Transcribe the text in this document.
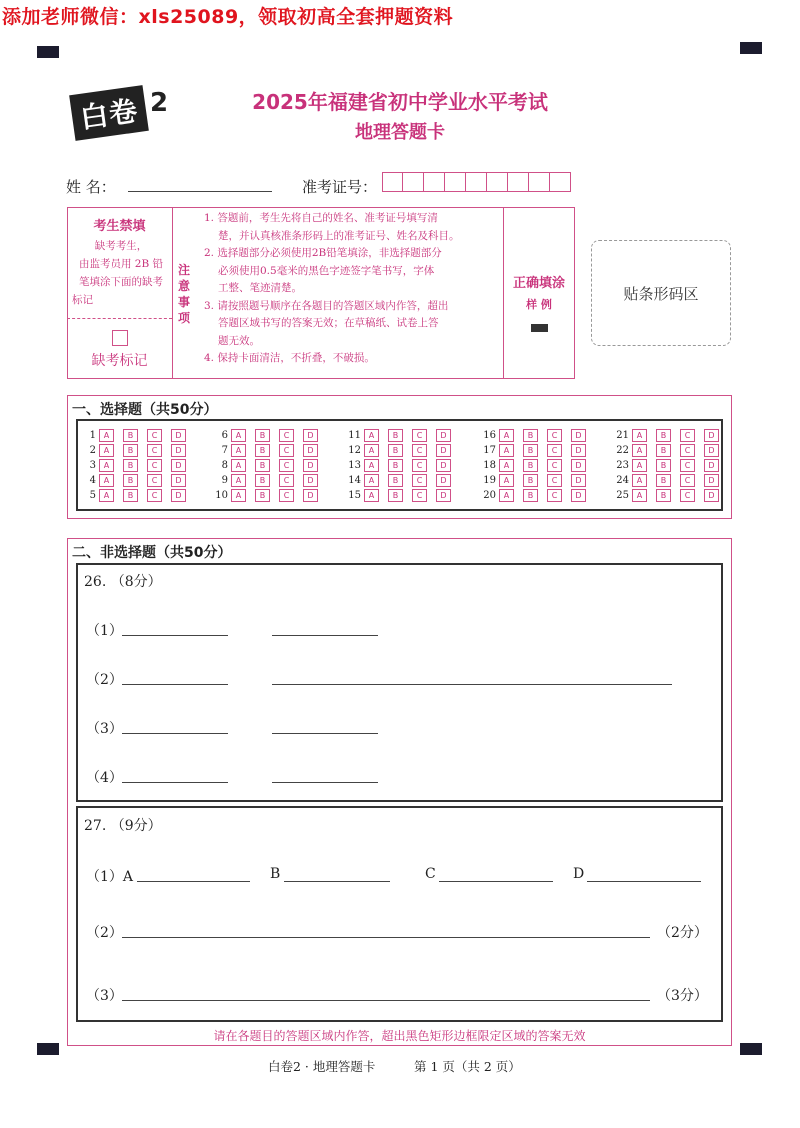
添加老师微信：xls25089，领取初高全套押题资料
白卷 2	2025年福建省初中学业水平考试
地理答题卡
姓 名：	准考证号：
考生禁填
缺考考生，
由监考员用 2B 铅
笔填涂下面的缺考
标记
缺考标记
注
意
事
项
1. 答题前，考生先将自己的姓名、准考证号填写清
楚，并认真核准条形码上的准考证号、姓名及科目。
2. 选择题部分必须使用2B铅笔填涂，非选择题部分
必须使用0.5毫米的黑色字迹签字笔书写，字体
工整、笔迹清楚。
3. 请按照题号顺序在各题目的答题区域内作答，超出
答题区域书写的答案无效；在草稿纸、试卷上答
题无效。
4. 保持卡面清洁，不折叠，不破损。
正确填涂
样 例
贴条形码区
一、选择题（共50分）
1 A	B	C	D
2 A	B	C	D
3 A	B	C	D
4 A	B	C	D
5 A	B	C	D
6 A	B	C	D
7 A	B	C	D
8 A	B	C	D
9 A	B	C	D
10 A	B	C	D
11 A	B	C	D
12 A	B	C	D
13 A	B	C	D
14 A	B	C	D
15 A	B	C	D
16 A	B	C	D
17 A	B	C	D
18 A	B	C	D
19 A	B	C	D
20 A	B	C	D
21 A	B	C	D
22 A	B	C	D
23 A	B	C	D
24 A	B	C	D
25 A	B	C	D
二、非选择题（共50分）
26. （8分）
（1）
（2）
（3）
（4）
27. （9分）
（1）A	B	C	D
（2）	（2分）
（3）	（3分）
请在各题目的答题区域内作答，超出黑色矩形边框限定区域的答案无效
白卷2 · 地理答题卡	第 1 页（共 2 页）
